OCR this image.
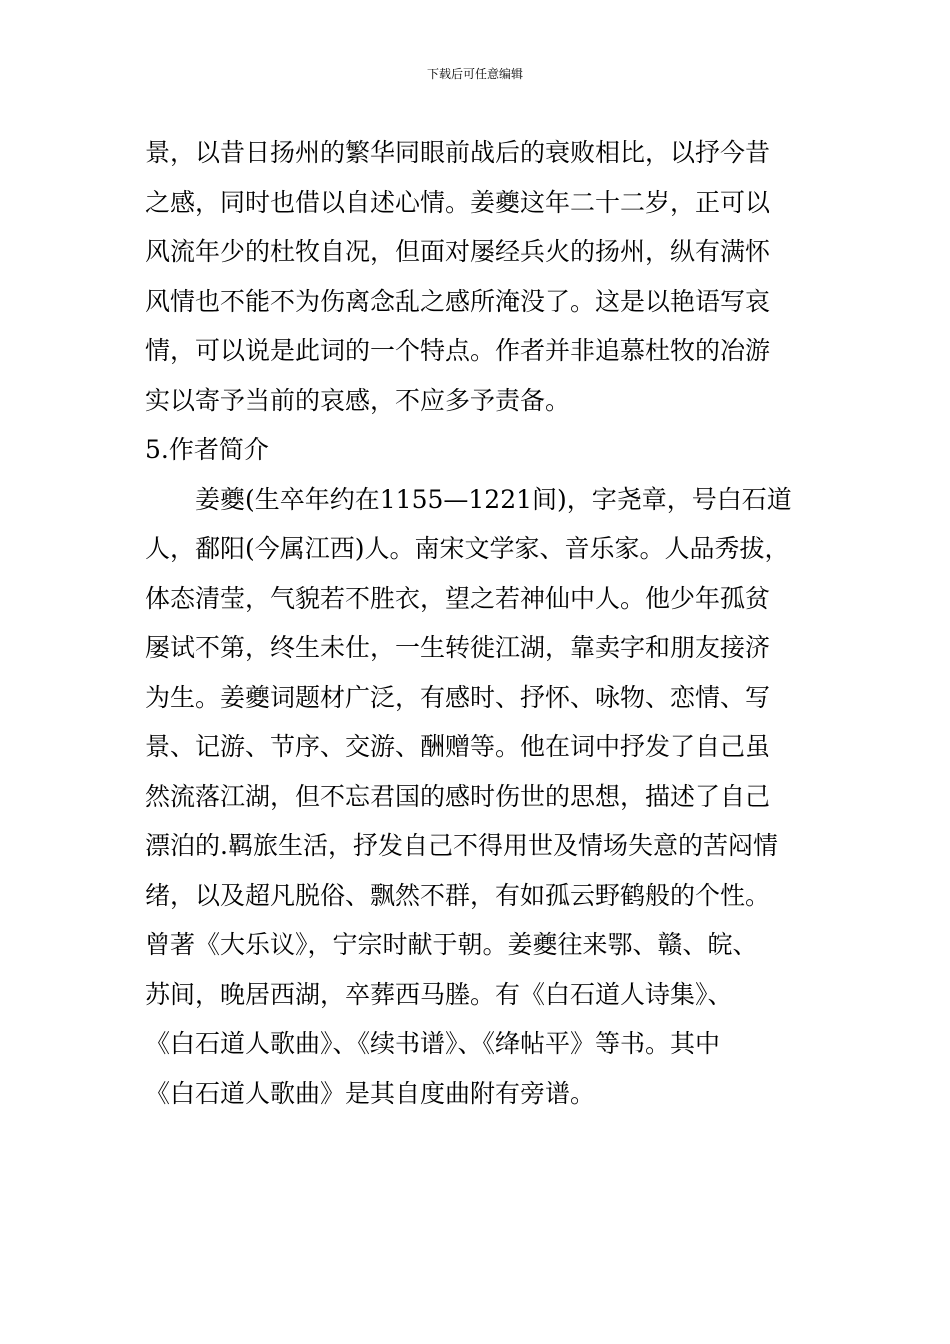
下载后可任意编辑
景，以昔日扬州的繁华同眼前战后的衰败相比，以抒今昔
之感，同时也借以自述心情。姜夔这年二十二岁，正可以
风流年少的杜牧自况，但面对屡经兵火的扬州，纵有满怀
风情也不能不为伤离念乱之感所淹没了。这是以艳语写哀
情，可以说是此词的一个特点。作者并非追慕杜牧的冶游
实以寄予当前的哀感，不应多予责备。
5.作者简介
姜夔(生卒年约在1155—1221间)，字尧章，号白石道
人，鄱阳(今属江西)人。南宋文学家、音乐家。人品秀拔，
体态清莹，气貌若不胜衣，望之若神仙中人。他少年孤贫
屡试不第，终生未仕，一生转徙江湖，靠卖字和朋友接济
为生。姜夔词题材广泛，有感时、抒怀、咏物、恋情、写
景、记游、节序、交游、酬赠等。他在词中抒发了自己虽
然流落江湖，但不忘君国的感时伤世的思想，描述了自己
漂泊的.羁旅生活，抒发自己不得用世及情场失意的苦闷情
绪，以及超凡脱俗、飘然不群，有如孤云野鹤般的个性。
曾著《大乐议》，宁宗时献于朝。姜夔往来鄂、赣、皖、
苏间，晚居西湖，卒葬西马塍。有《白石道人诗集》、
《白石道人歌曲》、《续书谱》、《绛帖平》等书。其中
《白石道人歌曲》是其自度曲附有旁谱。
